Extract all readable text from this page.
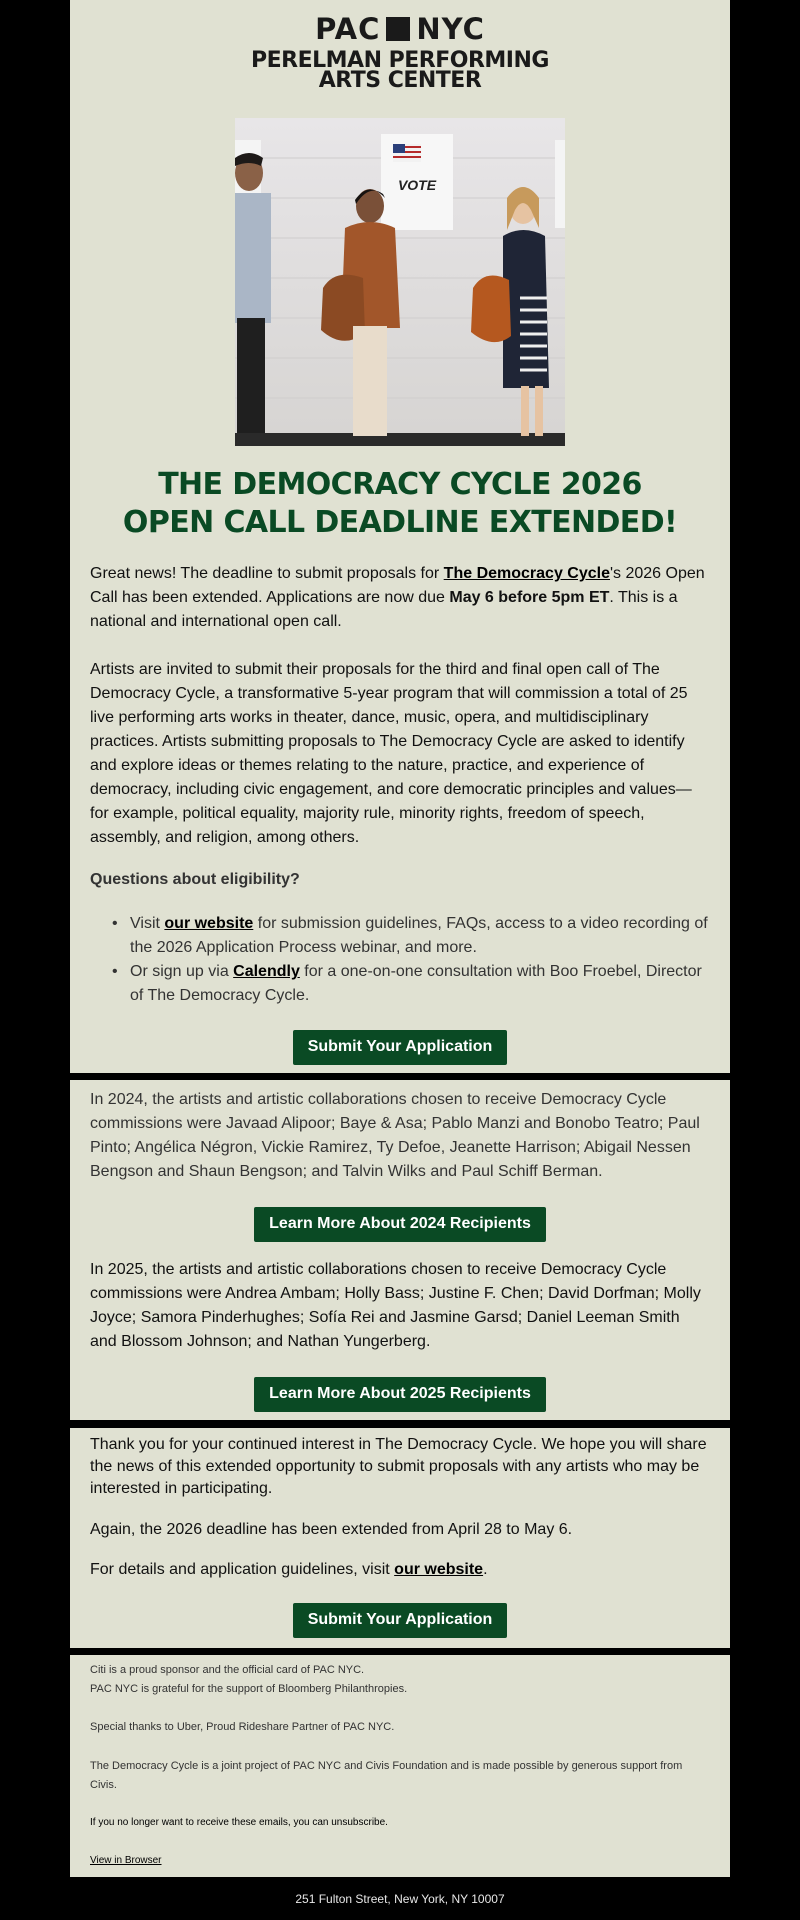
PAC NYC
PERELMAN PERFORMING
ARTS CENTER
VOTE
THE DEMOCRACY CYCLE 2026
OPEN CALL DEADLINE EXTENDED!

Great news! The deadline to submit proposals for The Democracy Cycle's 2026 Open Call has been extended. Applications are now due May 6 before 5pm ET. This is a national and international open call.

Artists are invited to submit their proposals for the third and final open call of The Democracy Cycle, a transformative 5-year program that will commission a total of 25 live performing arts works in theater, dance, music, opera, and multidisciplinary practices. Artists submitting proposals to The Democracy Cycle are asked to identify and explore ideas or themes relating to the nature, practice, and experience of democracy, including civic engagement, and core democratic principles and values—for example, political equality, majority rule, minority rights, freedom of speech, assembly, and religion, among others.

Questions about eligibility?

• Visit our website for submission guidelines, FAQs, access to a video recording of the 2026 Application Process webinar, and more.
• Or sign up via Calendly for a one-on-one consultation with Boo Froebel, Director of The Democracy Cycle.
Submit Your Application

In 2024, the artists and artistic collaborations chosen to receive Democracy Cycle commissions were Javaad Alipoor; Baye & Asa; Pablo Manzi and Bonobo Teatro; Paul Pinto; Angélica Négron, Vickie Ramirez, Ty Defoe, Jeanette Harrison; Abigail Nessen Bengson and Shaun Bengson; and Talvin Wilks and Paul Schiff Berman.

Learn More About 2024 Recipients

In 2025, the artists and artistic collaborations chosen to receive Democracy Cycle commissions were Andrea Ambam; Holly Bass; Justine F. Chen; David Dorfman; Molly Joyce; Samora Pinderhughes; Sofía Rei and Jasmine Garsd; Daniel Leeman Smith and Blossom Johnson; and Nathan Yungerberg.

Learn More About 2025 Recipients

Thank you for your continued interest in The Democracy Cycle. We hope you will share the news of this extended opportunity to submit proposals with any artists who may be interested in participating.

Again, the 2026 deadline has been extended from April 28 to May 6.

For details and application guidelines, visit our website.

Submit Your Application

Citi is a proud sponsor and the official card of PAC NYC.

PAC NYC is grateful for the support of Bloomberg Philanthropies.

Special thanks to Uber, Proud Rideshare Partner of PAC NYC.

The Democracy Cycle is a joint project of PAC NYC and Civis Foundation and is made possible by generous support from Civis.

If you no longer want to receive these emails, you can unsubscribe.

View in Browser

251 Fulton Street, New York, NY 10007
